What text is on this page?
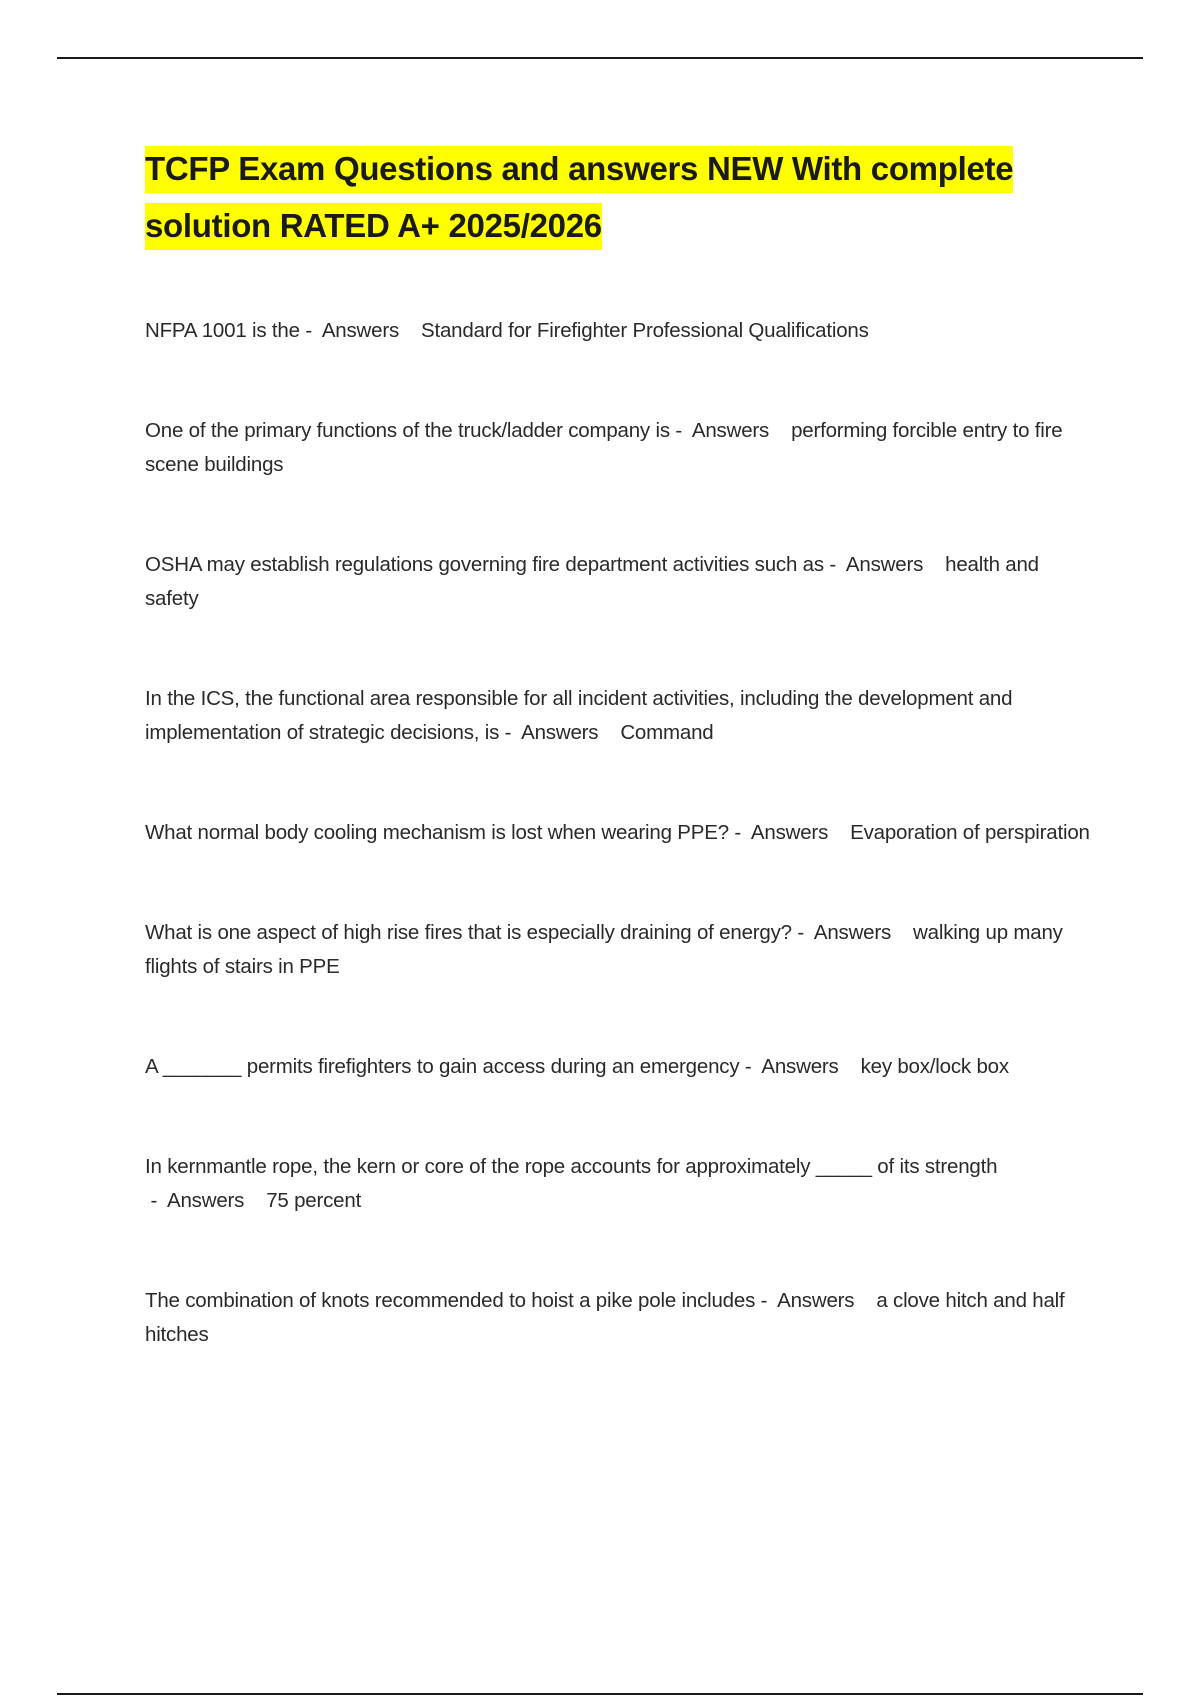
TCFP Exam Questions and answers NEW With complete solution RATED A+ 2025/2026

NFPA 1001 is the -  Answers Standard for Firefighter Professional Qualifications

One of the primary functions of the truck/ladder company is -  Answers performing forcible entry to fire scene buildings

OSHA may establish regulations governing fire department activities such as -  Answers health and safety

In the ICS, the functional area responsible for all incident activities, including the development and implementation of strategic decisions, is -  Answers Command

What normal body cooling mechanism is lost when wearing PPE? -  Answers Evaporation of perspiration

What is one aspect of high rise fires that is especially draining of energy? -  Answers walking up many flights of stairs in PPE

A _______ permits firefighters to gain access during an emergency -  Answers key box/lock box

In kernmantle rope, the kern or core of the rope accounts for approximately _____ of its strength -  Answers 75 percent

The combination of knots recommended to hoist a pike pole includes -  Answers a clove hitch and half hitches
